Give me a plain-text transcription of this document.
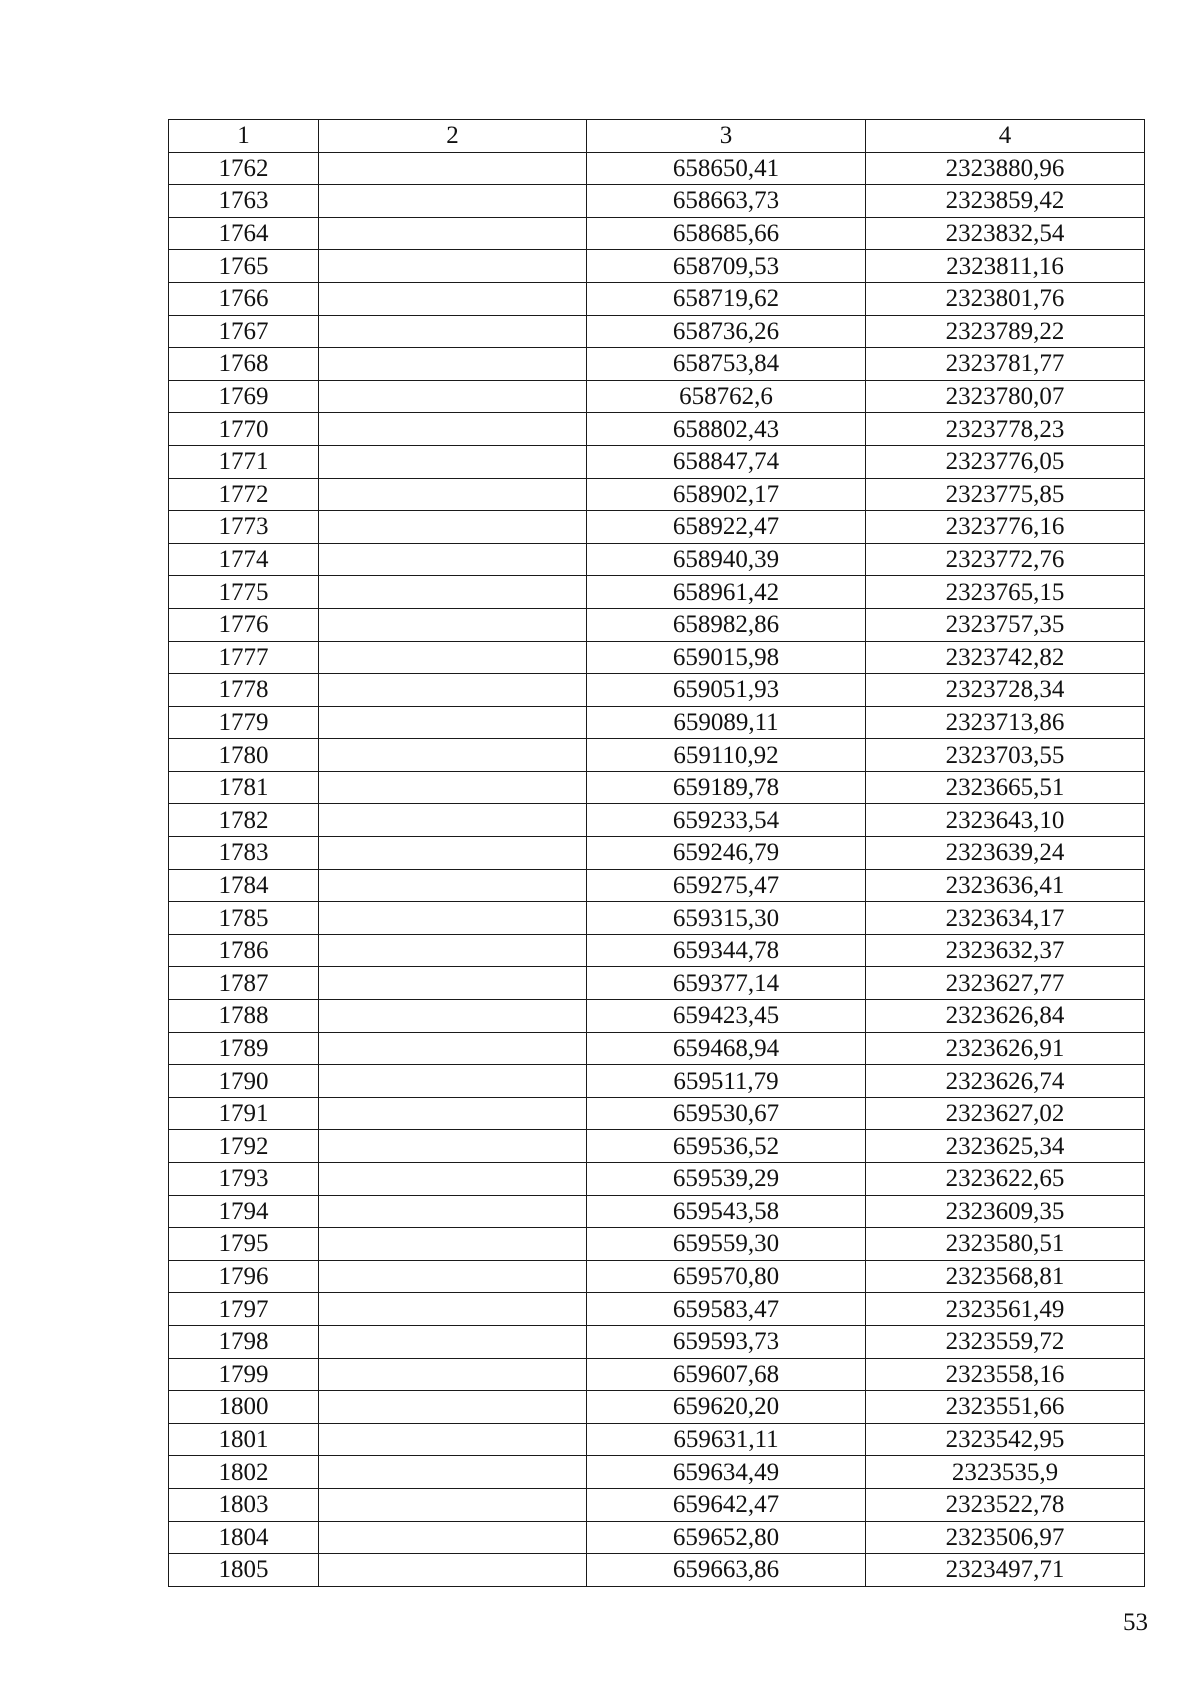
1	2	3	4
1762		658650,41	2323880,96
1763		658663,73	2323859,42
1764		658685,66	2323832,54
1765		658709,53	2323811,16
1766		658719,62	2323801,76
1767		658736,26	2323789,22
1768		658753,84	2323781,77
1769		658762,6	2323780,07
1770		658802,43	2323778,23
1771		658847,74	2323776,05
1772		658902,17	2323775,85
1773		658922,47	2323776,16
1774		658940,39	2323772,76
1775		658961,42	2323765,15
1776		658982,86	2323757,35
1777		659015,98	2323742,82
1778		659051,93	2323728,34
1779		659089,11	2323713,86
1780		659110,92	2323703,55
1781		659189,78	2323665,51
1782		659233,54	2323643,10
1783		659246,79	2323639,24
1784		659275,47	2323636,41
1785		659315,30	2323634,17
1786		659344,78	2323632,37
1787		659377,14	2323627,77
1788		659423,45	2323626,84
1789		659468,94	2323626,91
1790		659511,79	2323626,74
1791		659530,67	2323627,02
1792		659536,52	2323625,34
1793		659539,29	2323622,65
1794		659543,58	2323609,35
1795		659559,30	2323580,51
1796		659570,80	2323568,81
1797		659583,47	2323561,49
1798		659593,73	2323559,72
1799		659607,68	2323558,16
1800		659620,20	2323551,66
1801		659631,11	2323542,95
1802		659634,49	2323535,9
1803		659642,47	2323522,78
1804		659652,80	2323506,97
1805		659663,86	2323497,71
53
